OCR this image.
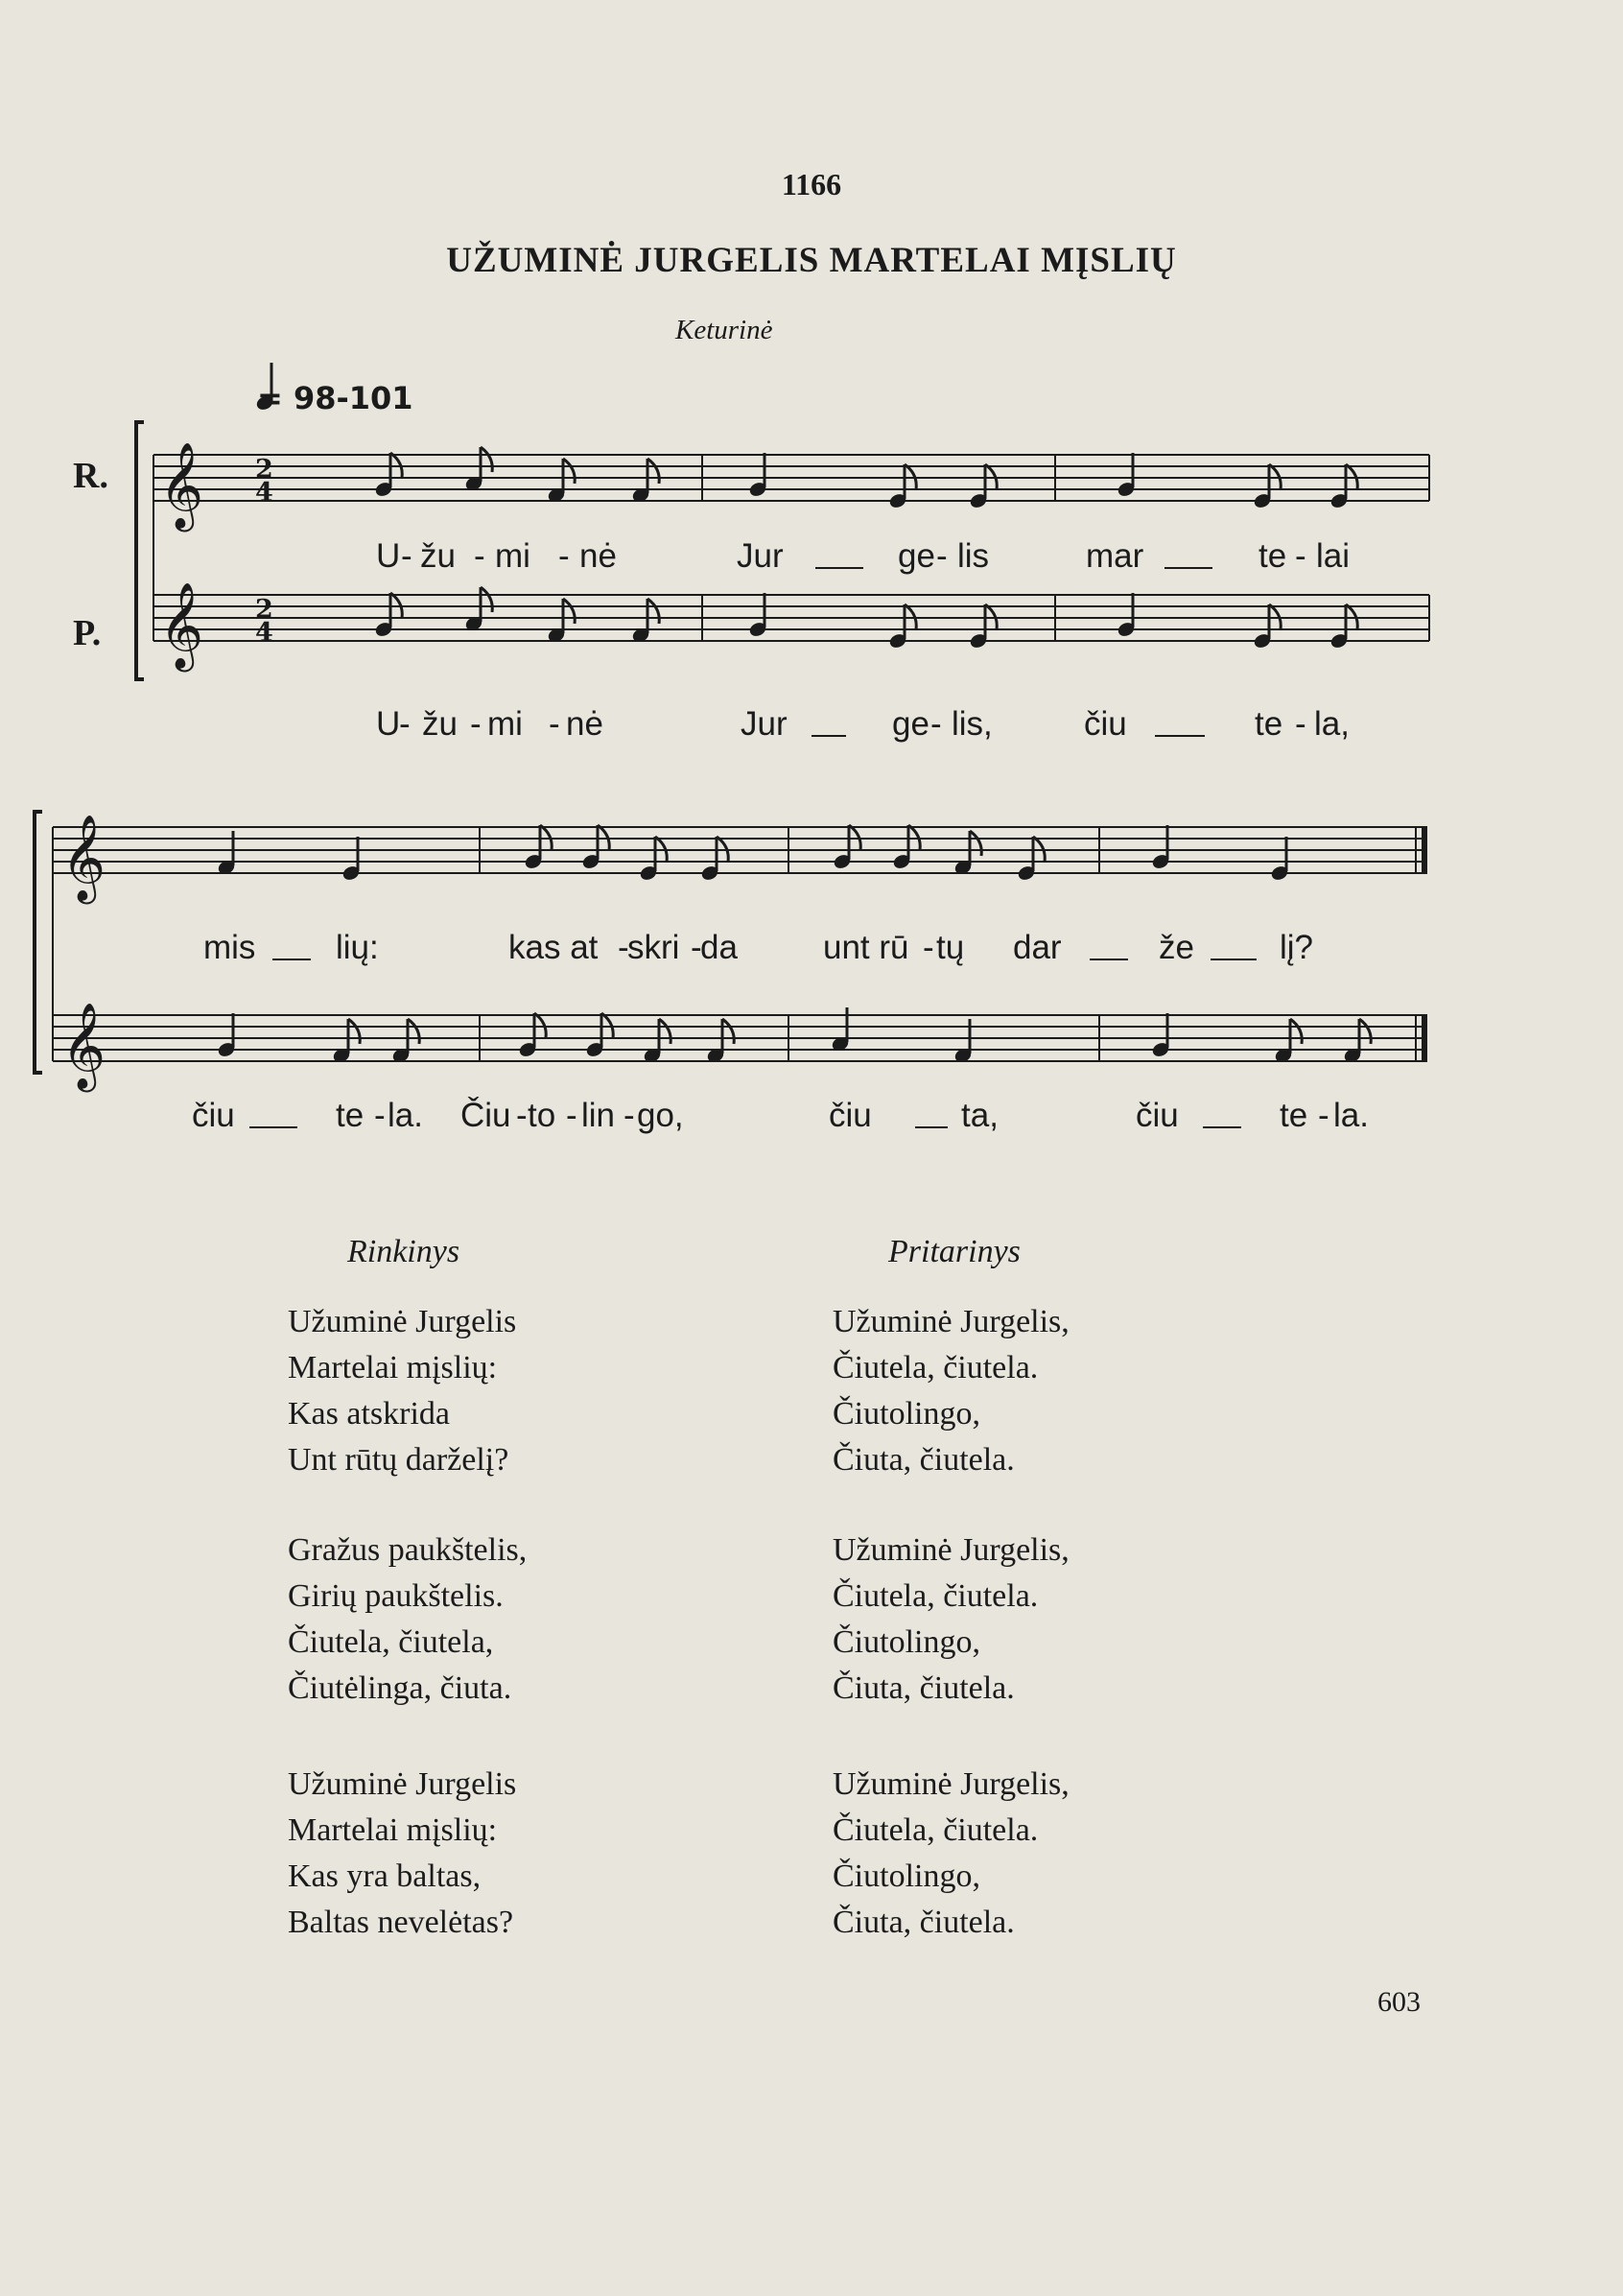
1166
UŽUMINĖ JURGELIS MARTELAI MĮSLIŲ
Keturinė
𝄞
𝄞
𝄞
𝄞
2
4
2
4
= 98-101
R.
P.
U - žu - mi - nė	Jur	ge - lis	mar	te - lai
U
- žu - mi - nė	Jur	ge - lis,	čiu	te - la,
mis lių:	kas at -
skri -
da	unt rū - tų dar	že	lį?
čiu	te - la. Čiu - to - lin - go,	čiu	ta,	čiu	te - la.
Rinkinys	Pritarinys
Užuminė Jurgelis
Martelai mįslių:
Kas atskrida
Unt rūtų darželį?
Užuminė Jurgelis,
Čiutela, čiutela.
Čiutolingo,
Čiuta, čiutela.
Gražus paukštelis,
Girių paukštelis.
Čiutela, čiutela,
Čiutėlinga, čiuta.
Užuminė Jurgelis,
Čiutela, čiutela.
Čiutolingo,
Čiuta, čiutela.
Užuminė Jurgelis
Martelai mįslių:
Kas yra baltas,
Baltas nevelėtas?
Užuminė Jurgelis,
Čiutela, čiutela.
Čiutolingo,
Čiuta, čiutela.
603
